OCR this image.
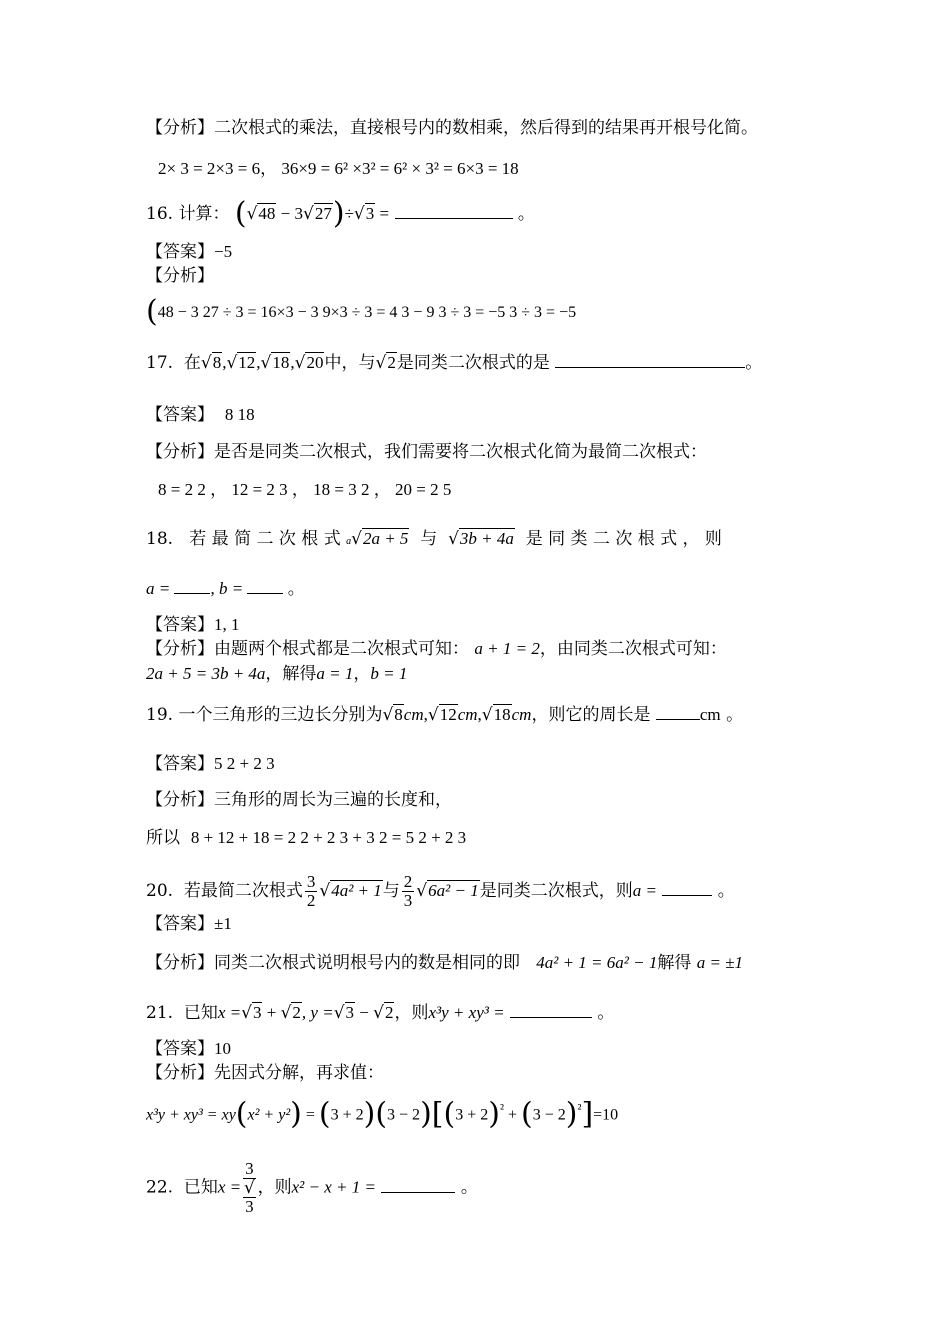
【分析】二次根式的乘法，直接根号内的数相乘，然后得到的结果再开根号化简。
2× 3 = 2×3 = 6， 36×9 = 6² ×3² = 6² × 3² = 6×3 = 18
16. 计算： (√48 − 3√27)÷√3 =	。
【答案】−5
【分析】
(48 − 3 27 ÷ 3 = 16×3 − 3 9×3 ÷ 3 = 4 3 − 9 3 ÷ 3 = −5 3 ÷ 3 = −5
17. 在√8,√12,√18,√20中，与√2是同类二次根式的是	。
【答案】 8 18
【分析】是否是同类二次根式，我们需要将二次根式化简为最简二次根式：
8 = 2 2 ， 12 = 2 3 ， 18 = 3 2 ， 20 = 2 5
18. 若 最 简 二 次 根 式 a√2a + 5 与 √3b + 4a 是 同 类 二 次 根 式 ， 则
a = , b =	。
【答案】1, 1
【分析】由题两个根式都是二次根式可知： a + 1 = 2，由同类二次根式可知：
2a + 5 = 3b + 4a，解得a = 1，b = 1
19. 一个三角形的三边长分别为√8cm,√12cm,√18cm，则它的周长是	cm 。
【答案】5 2 + 2 3
【分析】三角形的周长为三遍的长度和，
所以 8 + 12 + 18 = 2 2 + 2 3 + 3 2 = 5 2 + 2 3
20. 若最简二次根式 $\frac{3}{2} √4a^2 + 1$与 $\frac{2}{3} √6a^2 - 1$是同类二次根式，则a =	。
【答案】±1
【分析】同类二次根式说明根号内的数是相同的即 4a² + 1 = 6a² − 1解得 a = ±1
21. 已知x =√3 + √2, y =√3 − √2，则x³y + xy³ =	。
【答案】10
【分析】先因式分解，再求值：
$x^3y + xy^3 = xy(x^2 + y^2) = (3 + 2)(3 - 2)[(3 + 2)^{^2} + (3 - 2)^{^2}]=10$
22. 已知x = 3
√
3 ，则x² − x + 1 =	。
